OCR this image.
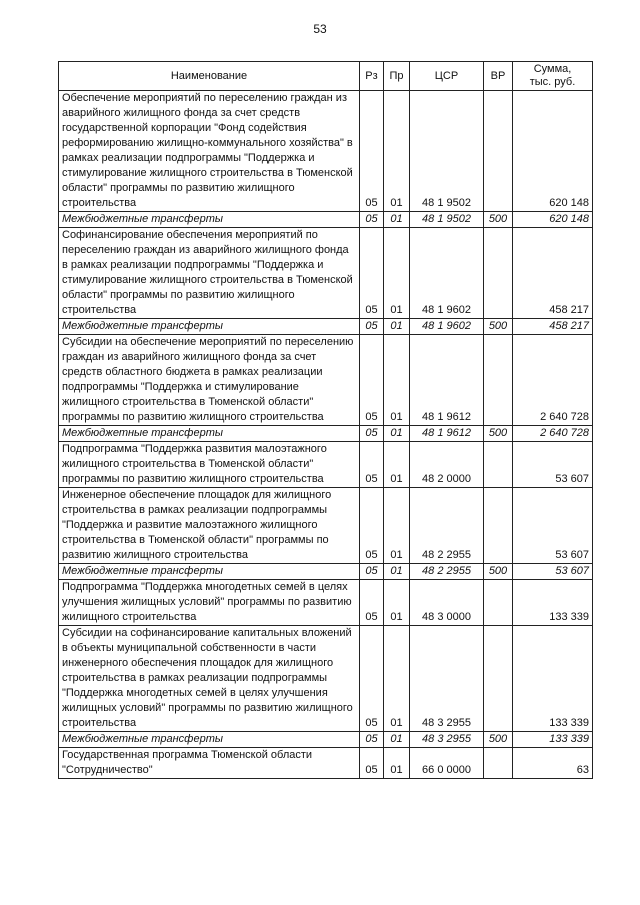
53
Наименование	Рз	Пр	ЦСР	ВР	Сумма,
тыс. руб.

Обеспечение мероприятий по переселению граждан из аварийного жилищного фонда за счет средств государственной корпорации "Фонд содействия реформированию жилищно-коммунального хозяйства" в рамках реализации подпрограммы "Поддержка и стимулирование жилищного строительства в Тюменской области" программы по развитию жилищного строительства	05	01	48 1 9502		620 148
Межбюджетные трансферты	05	01	48 1 9502	500	620 148
Софинансирование обеспечения мероприятий по переселению граждан из аварийного жилищного фонда в рамках реализации подпрограммы "Поддержка и стимулирование жилищного строительства в Тюменской области" программы по развитию жилищного строительства	05	01	48 1 9602		458 217
Межбюджетные трансферты	05	01	48 1 9602	500	458 217
Субсидии на обеспечение мероприятий по переселению граждан из аварийного жилищного фонда за счет средств областного бюджета в рамках реализации подпрограммы "Поддержка и стимулирование жилищного строительства в Тюменской области" программы по развитию жилищного строительства	05	01	48 1 9612		2 640 728
Межбюджетные трансферты	05	01	48 1 9612	500	2 640 728
Подпрограмма "Поддержка развития малоэтажного жилищного строительства в Тюменской области" программы по развитию жилищного строительства	05	01	48 2 0000		53 607
Инженерное обеспечение площадок для жилищного строительства в рамках реализации подпрограммы "Поддержка и развитие малоэтажного жилищного строительства в Тюменской области" программы по развитию жилищного строительства	05	01	48 2 2955		53 607
Межбюджетные трансферты	05	01	48 2 2955	500	53 607
Подпрограмма "Поддержка многодетных семей в целях улучшения жилищных условий" программы по развитию жилищного строительства	05	01	48 3 0000		133 339
Субсидии на софинансирование капитальных вложений в объекты муниципальной собственности в части инженерного обеспечения площадок для жилищного строительства в рамках реализации подпрограммы "Поддержка многодетных семей в целях улучшения жилищных условий" программы по развитию жилищного строительства	05	01	48 3 2955		133 339
Межбюджетные трансферты	05	01	48 3 2955	500	133 339
Государственная программа Тюменской области "Сотрудничество"	05	01	66 0 0000		63
